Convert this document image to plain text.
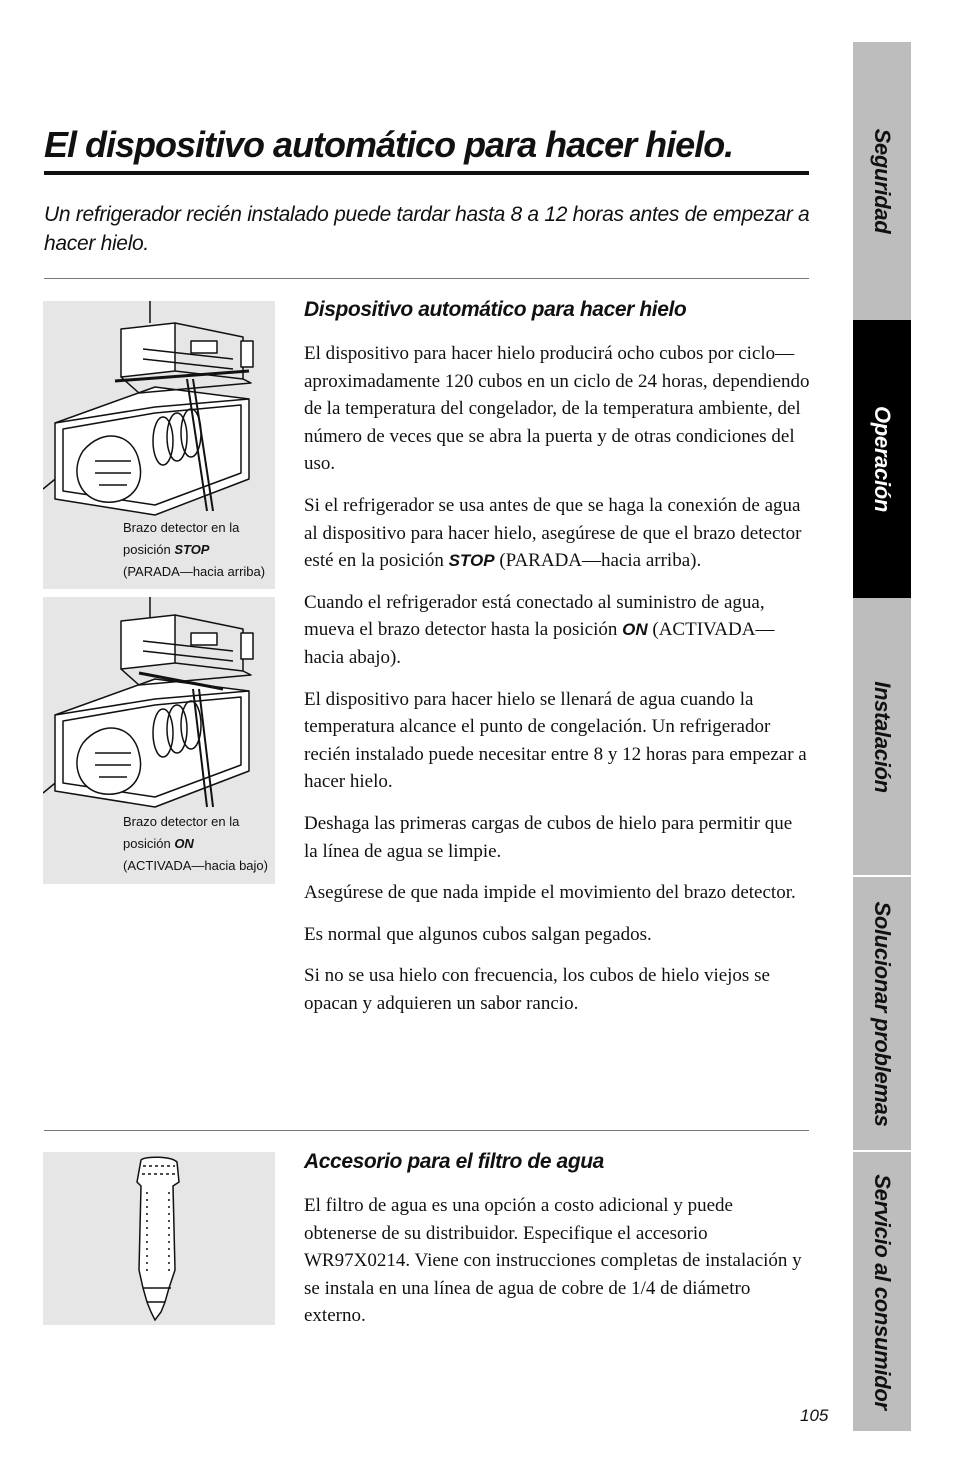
El dispositivo automático para hacer hielo.

Un refrigerador recién instalado puede tardar hasta 8 a 12 horas antes de empezar a hacer hielo.

Brazo detector en la
posición STOP
(PARADA—hacia arriba)
Brazo detector en la
posición ON
(ACTIVADA—hacia bajo)
Dispositivo automático para hacer hielo

El dispositivo para hacer hielo producirá ocho cubos por ciclo—aproximadamente 120 cubos en un ciclo de 24 horas, dependiendo de la temperatura del congelador, de la temperatura ambiente, del número de veces que se abra la puerta y de otras condiciones del uso.

Si el refrigerador se usa antes de que se haga la conexión de agua al dispositivo para hacer hielo, asegúrese de que el brazo detector esté en la posición STOP (PARADA—hacia arriba).

Cuando el refrigerador está conectado al suministro de agua, mueva el brazo detector hasta la posición ON (ACTIVADA—hacia abajo).

El dispositivo para hacer hielo se llenará de agua cuando la temperatura alcance el punto de congelación. Un refrigerador recién instalado puede necesitar entre 8 y 12 horas para empezar a hacer hielo.

Deshaga las primeras cargas de cubos de hielo para permitir que la línea de agua se limpie.

Asegúrese de que nada impide el movimiento del brazo detector.

Es normal que algunos cubos salgan pegados.

Si no se usa hielo con frecuencia, los cubos de hielo viejos se opacan y adquieren un sabor rancio.

Accesorio para el filtro de agua

El filtro de agua es una opción a costo adicional y puede obtenerse de su distribuidor. Especifique el accesorio WR97X0214. Viene con instrucciones completas de instalación y se instala en una línea de agua de cobre de 1/4 de diámetro externo.

Seguridad
Operación
Instalación
Solucionar problemas
Servicio al consumidor
105
